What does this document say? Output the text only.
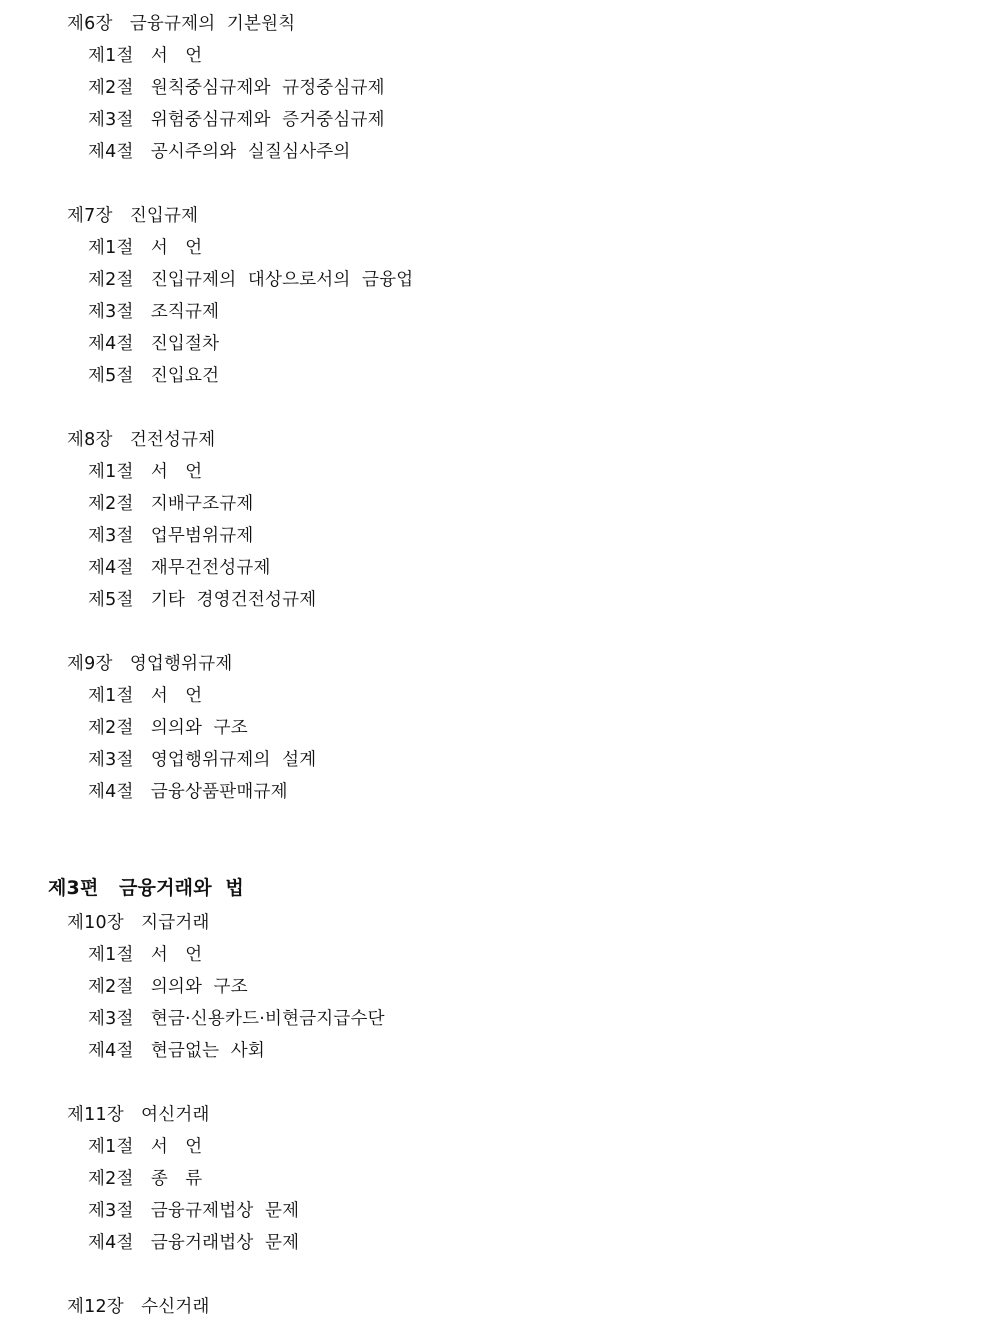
제6장   금융규제의  기본원칙
제1절   서   언
제2절   원칙중심규제와  규정중심규제
제3절   위험중심규제와  증거중심규제
제4절   공시주의와  실질심사주의
제7장   진입규제
제1절   서   언
제2절   진입규제의  대상으로서의  금융업
제3절   조직규제
제4절   진입절차
제5절   진입요건
제8장   건전성규제
제1절   서   언
제2절   지배구조규제
제3절   업무범위규제
제4절   재무건전성규제
제5절   기타  경영건전성규제
제9장   영업행위규제
제1절   서   언
제2절   의의와  구조
제3절   영업행위규제의  설계
제4절   금융상품판매규제
제3편   금융거래와  법
제10장   지급거래
제1절   서   언
제2절   의의와  구조
제3절   현금·신용카드·비현금지급수단
제4절   현금없는  사회
제11장   여신거래
제1절   서   언
제2절   종   류
제3절   금융규제법상  문제
제4절   금융거래법상  문제
제12장   수신거래
